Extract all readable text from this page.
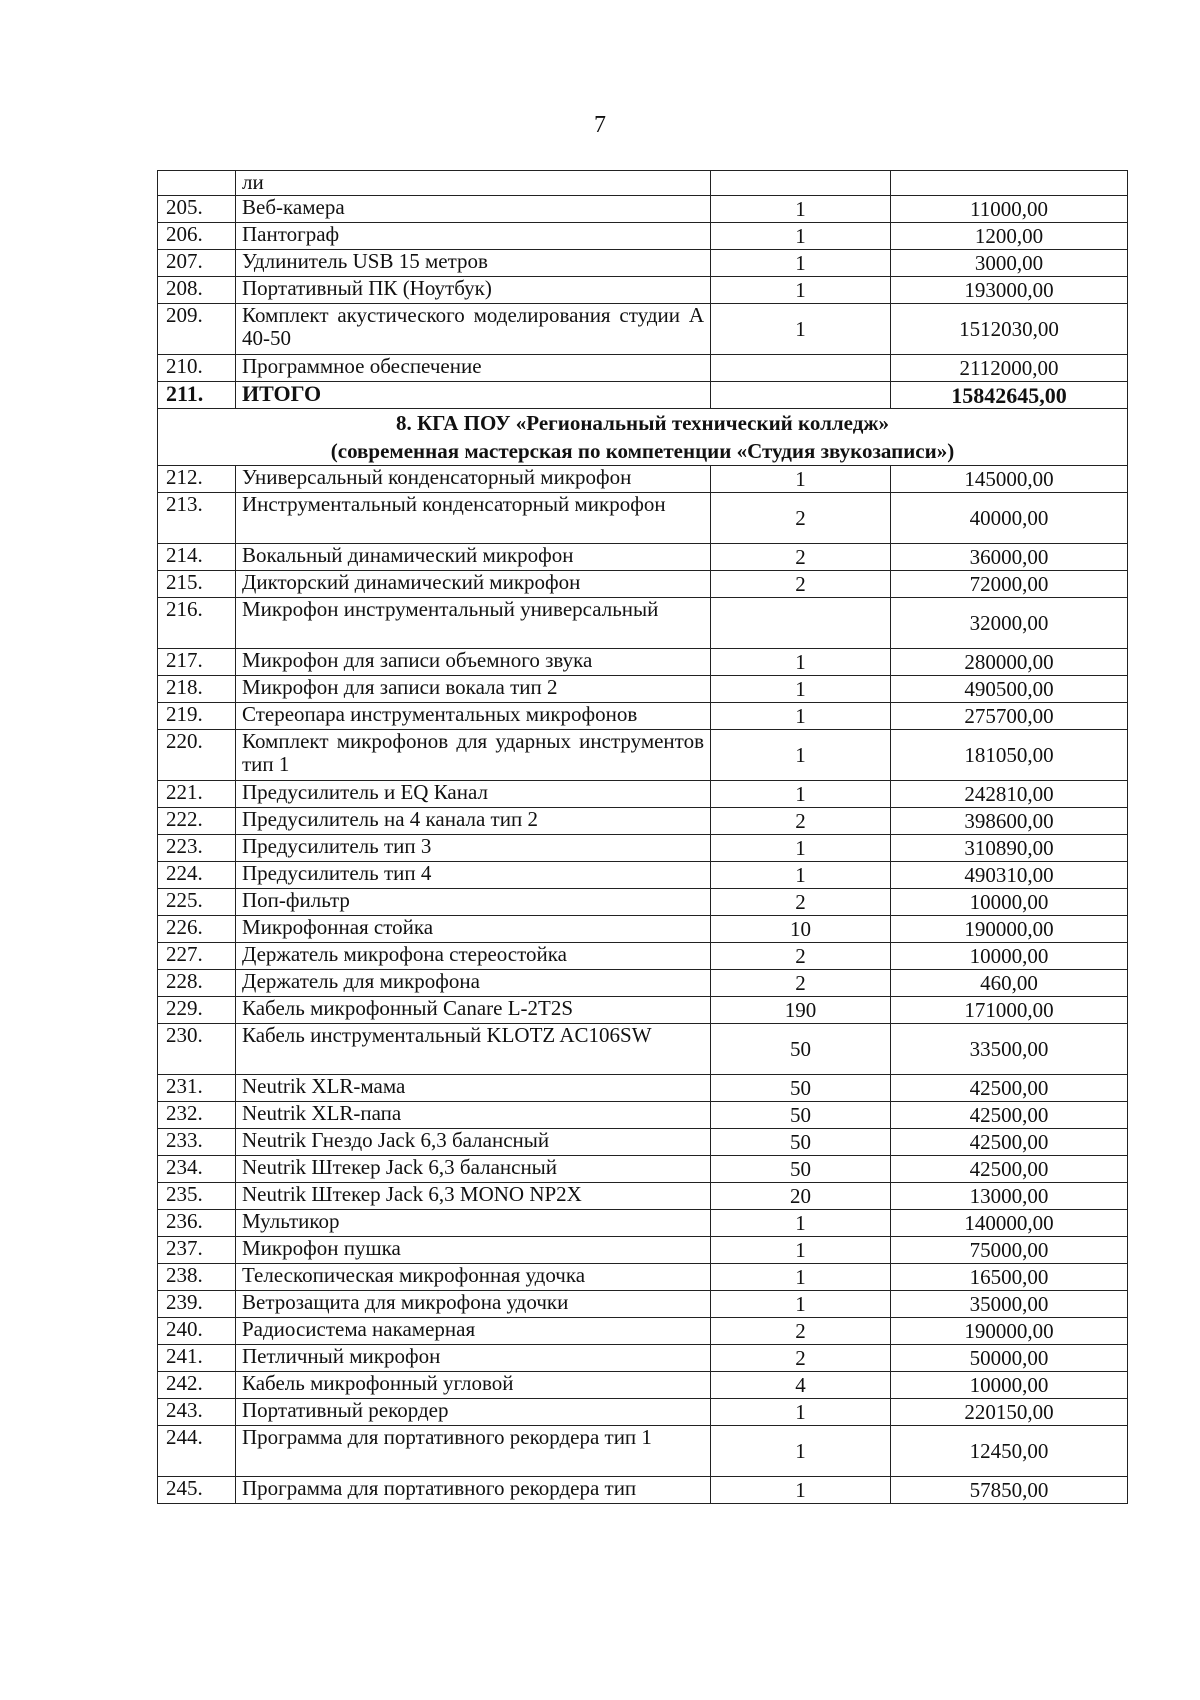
7
	ли		
205.	Веб-камера	1	11000,00
206.	Пантограф	1	1200,00
207.	Удлинитель USB 15 метров	1	3000,00
208.	Портативный ПК (Ноутбук)	1	193000,00
209.	Комплект акустического моделирования студии A 40-50	1	1512030,00
210.	Программное обеспечение		2112000,00
211.	ИТОГО		15842645,00

8. КГА ПОУ «Региональный технический колледж»
(современная мастерская по компетенции «Студия звукозаписи»)			

212.	Универсальный конденсаторный микрофон	1	145000,00
213.	Инструментальный конденсаторный микрофон	2	40000,00
214.	Вокальный динамический микрофон	2	36000,00
215.	Дикторский динамический микрофон	2	72000,00
216.	Микрофон инструментальный универсальный		32000,00
217.	Микрофон для записи объемного звука	1	280000,00
218.	Микрофон для записи вокала тип 2	1	490500,00
219.	Стереопара инструментальных микрофонов	1	275700,00
220.	Комплект микрофонов для ударных инструментов тип 1	1	181050,00
221.	Предусилитель и EQ Канал	1	242810,00
222.	Предусилитель на 4 канала тип 2	2	398600,00
223.	Предусилитель тип 3	1	310890,00
224.	Предусилитель тип 4	1	490310,00
225.	Поп-фильтр	2	10000,00
226.	Микрофонная стойка	10	190000,00
227.	Держатель микрофона стереостойка	2	10000,00
228.	Держатель для микрофона	2	460,00
229.	Кабель микрофонный Canare L-2T2S	190	171000,00
230.	Кабель инструментальный KLOTZ AC106SW	50	33500,00
231.	Neutrik XLR-мама	50	42500,00
232.	Neutrik XLR-папа	50	42500,00
233.	Neutrik Гнездо Jack 6,3 балансный	50	42500,00
234.	Neutrik Штекер Jack 6,3 балансный	50	42500,00
235.	Neutrik Штекер Jack 6,3 MONO NP2X	20	13000,00
236.	Мультикор	1	140000,00
237.	Микрофон пушка	1	75000,00
238.	Телескопическая микрофонная удочка	1	16500,00
239.	Ветрозащита для микрофона удочки	1	35000,00
240.	Радиосистема накамерная	2	190000,00
241.	Петличный микрофон	2	50000,00
242.	Кабель микрофонный угловой	4	10000,00
243.	Портативный рекордер	1	220150,00
244.	Программа для портативного рекордера тип 1	1	12450,00
245.	Программа для портативного рекордера тип	1	57850,00
